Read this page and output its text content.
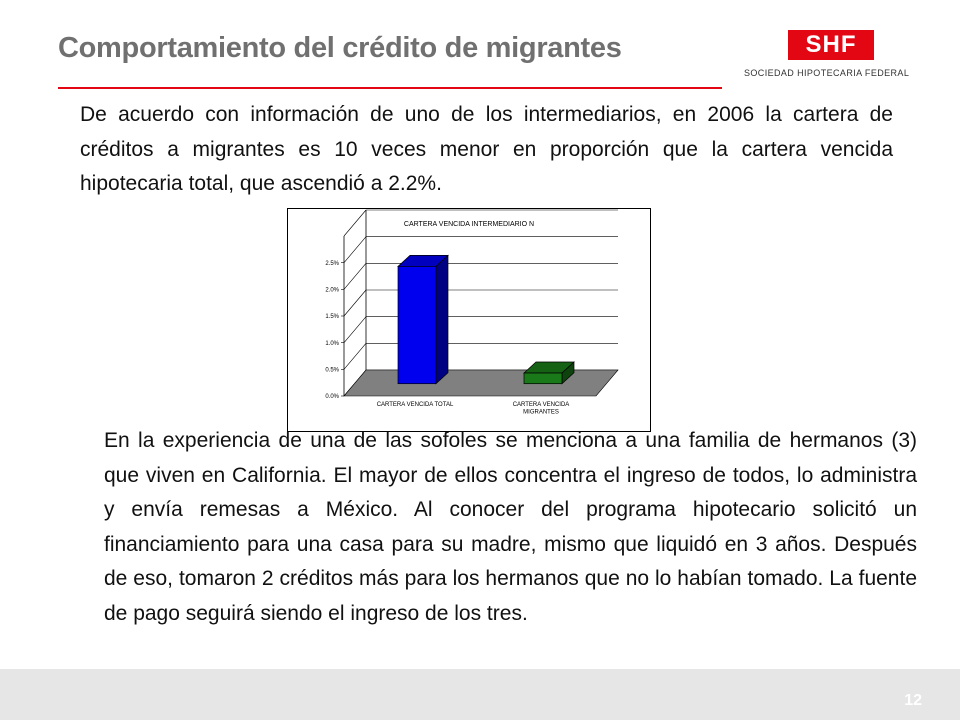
Comportamiento del crédito de migrantes	SHF
SOCIEDAD HIPOTECARIA FEDERAL
De acuerdo con información de uno de los intermediarios, en 2006 la cartera de créditos a migrantes es 10 veces menor en proporción que la cartera vencida hipotecaria total, que ascendió a 2.2%.
CARTERA VENCIDA INTERMEDIARIO N
0.0%
0.5%
1.0%
1.5%
2.0%
2.5%
CARTERA VENCIDA TOTAL	CARTERA VENCIDA
MIGRANTES
En la experiencia de una de las sofoles se menciona a una familia de hermanos (3) que viven en California. El mayor de ellos concentra el ingreso de todos, lo administra y envía remesas a México. Al conocer del programa hipotecario solicitó un financiamiento para una casa para su madre, mismo que liquidó en 3 años. Después de eso, tomaron 2 créditos más para los hermanos que no lo habían tomado. La fuente de pago seguirá siendo el ingreso de los tres.
12
